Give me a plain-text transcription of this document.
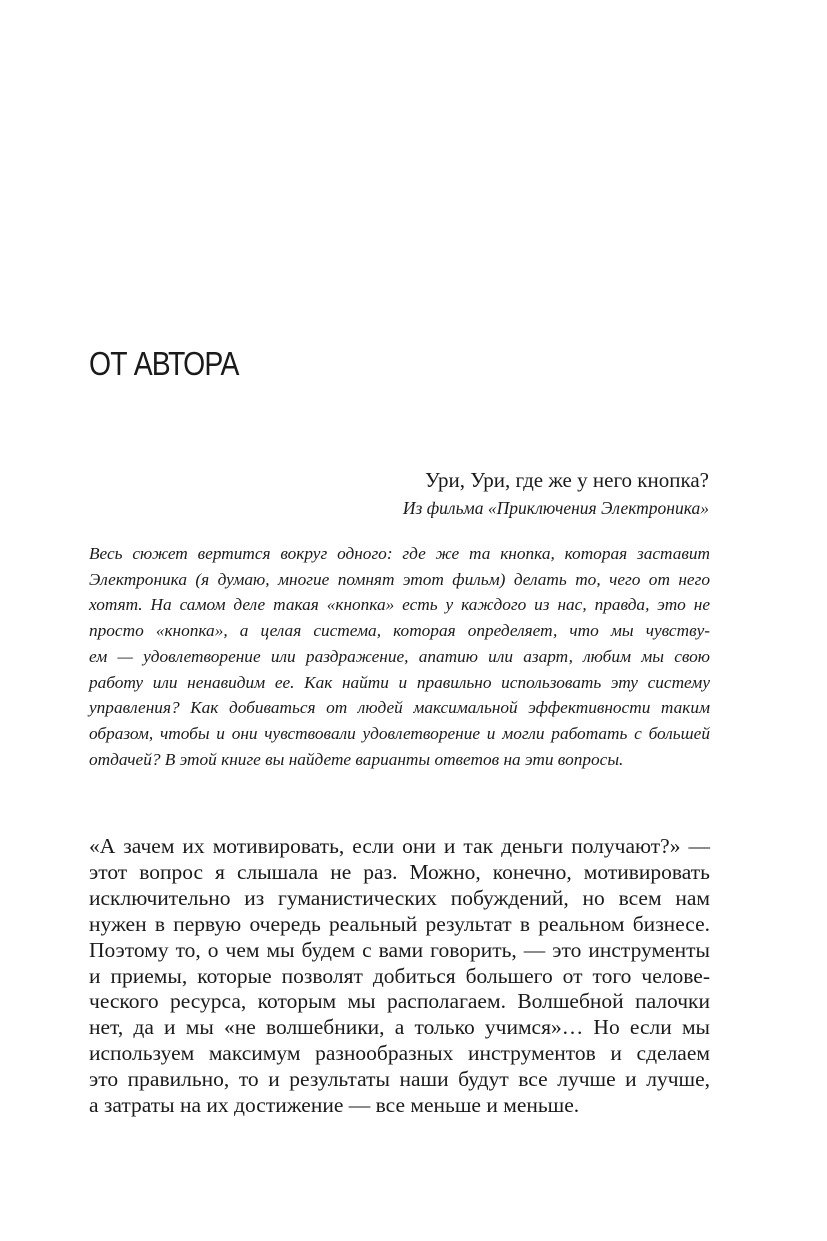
ОТ АВТОРА
Ури, Ури, где же у него кнопка?
Из фильма «Приключения Электроника»
Весь сюжет вертится вокруг одного: где же та кнопка, которая заставит
Электроника (я думаю, многие помнят этот фильм) делать то, чего от него
хотят. На самом деле такая «кнопка» есть у каждого из нас, правда, это не
просто «кнопка», а целая система, которая определяет, что мы чувству-
ем — удовлетворение или раздражение, апатию или азарт, любим мы свою
работу или ненавидим ее. Как найти и правильно использовать эту систему
управления? Как добиваться от людей максимальной эффективности таким
образом, чтобы и они чувствовали удовлетворение и могли работать с большей
отдачей? В этой книге вы найдете варианты ответов на эти вопросы.
«А зачем их мотивировать, если они и так деньги получают?» —
этот вопрос я слышала не раз. Можно, конечно, мотивировать
исключительно из гуманистических побуждений, но всем нам
нужен в первую очередь реальный результат в реальном бизнесе.
Поэтому то, о чем мы будем с вами говорить, — это инструменты
и приемы, которые позволят добиться большего от того челове-
ческого ресурса, которым мы располагаем. Волшебной палочки
нет, да и мы «не волшебники, а только учимся»… Но если мы
используем максимум разнообразных инструментов и сделаем
это правильно, то и результаты наши будут все лучше и лучше,
а затраты на их достижение — все меньше и меньше.
